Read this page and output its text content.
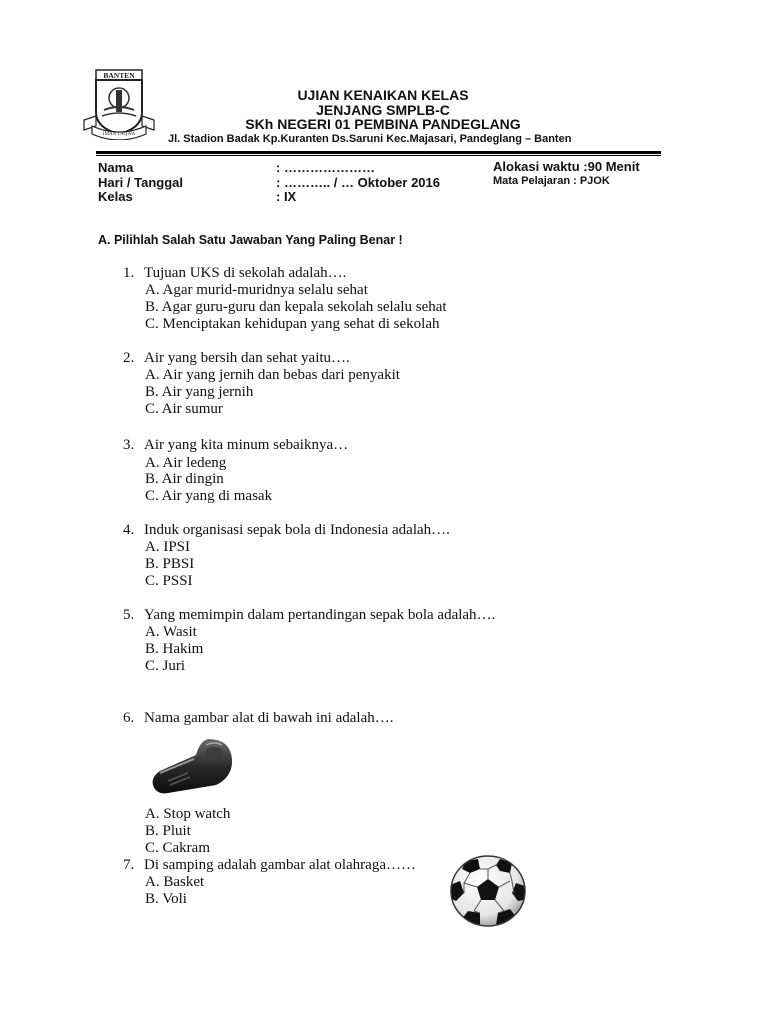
BANTEN
IMAN TAQWA
UJIAN KENAIKAN KELAS
JENJANG SMPLB-C
SKh NEGERI 01 PEMBINA PANDEGLANG
Jl. Stadion Badak Kp.Kuranten Ds.Saruni Kec.Majasari, Pandeglang – Banten
Nama	: …………………
Hari / Tanggal	: ……….. / … Oktober 2016
Kelas	: IX
Alokasi waktu :90 Menit
Mata Pelajaran : PJOK
A. Pilihlah Salah Satu Jawaban Yang Paling Benar !
1. Tujuan UKS di sekolah adalah….
A. Agar murid-muridnya selalu sehat
B. Agar guru-guru dan kepala sekolah selalu sehat
C. Menciptakan kehidupan yang sehat di sekolah
2. Air yang bersih dan sehat yaitu….
A. Air yang jernih dan bebas dari penyakit
B. Air yang jernih
C. Air sumur
3. Air yang kita minum sebaiknya…
A. Air ledeng
B. Air dingin
C. Air yang di masak
4. Induk organisasi sepak bola di Indonesia adalah….
A. IPSI
B. PBSI
C. PSSI
5. Yang memimpin dalam pertandingan sepak bola adalah….
A. Wasit
B. Hakim
C. Juri
6. Nama gambar alat di bawah ini adalah….
A. Stop watch
B. Pluit
C. Cakram
7. Di samping adalah gambar alat olahraga……
A. Basket
B. Voli
